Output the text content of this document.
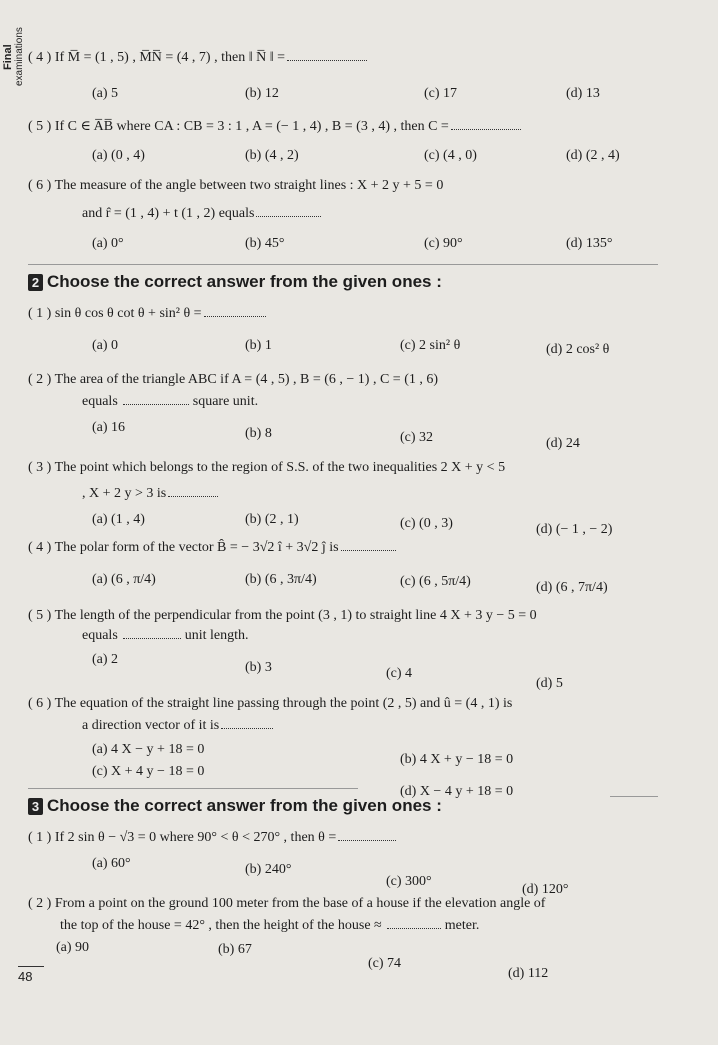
Final
examinations ( 4 ) If M̅ = (1 , 5) , M̅N̅ = (4 , 7) , then ‖ N̅ ‖ =
(a) 5	(b) 12	(c) 17	(d) 13
( 5 ) If C ∈ A̅B̅ where CA : CB = 3 : 1 , A = (− 1 , 4) , B = (3 , 4) , then C =
(a) (0 , 4)	(b) (4 , 2)	(c) (4 , 0)	(d) (2 , 4)
( 6 ) The measure of the angle between two straight lines : X + 2 y + 5 = 0
and r̂ = (1 , 4) + t (1 , 2) equals
(a) 0°	(b) 45°	(c) 90°	(d) 135°
2 Choose the correct answer from the given ones :
( 1 ) sin θ cos θ cot θ + sin² θ =
(a) 0	(b) 1	(c) 2 sin² θ	(d) 2 cos² θ
( 2 ) The area of the triangle ABC if A = (4 , 5) , B = (6 , − 1) , C = (1 , 6)
equals	square unit.
(a) 16	(b) 8	(c) 32	(d) 24
( 3 ) The point which belongs to the region of S.S. of the two inequalities 2 X + y < 5
, X + 2 y > 3 is
(a) (1 , 4)	(b) (2 , 1)	(c) (0 , 3)	(d) (− 1 , − 2)
( 4 ) The polar form of the vector B̂ = − 3√2 î + 3√2 ĵ is
(a) (6 , π/4)	(b) (6 , 3π/4)	(c) (6 , 5π/4)	(d) (6 , 7π/4)
( 5 ) The length of the perpendicular from the point (3 , 1) to straight line 4 X + 3 y − 5 = 0
equals	unit length.
(a) 2
(b) 3	(c) 4
(d) 5
( 6 ) The equation of the straight line passing through the point (2 , 5) and û = (4 , 1) is
a direction vector of it is
(a) 4 X − y + 18 = 0
(b) 4 X + y − 18 = 0
(c) X + 4 y − 18 = 0
(d) X − 4 y + 18 = 0
3 Choose the correct answer from the given ones :
( 1 ) If 2 sin θ − √3 = 0 where 90° < θ < 270° , then θ =
(a) 60°	(b) 240°
(c) 300°
(d) 120°
( 2 ) From a point on the ground 100 meter from the base of a house if the elevation angle of
the top of the house = 42° , then the height of the house ≈	meter.
(a) 90	(b) 67
(c) 74
(d) 112
48
